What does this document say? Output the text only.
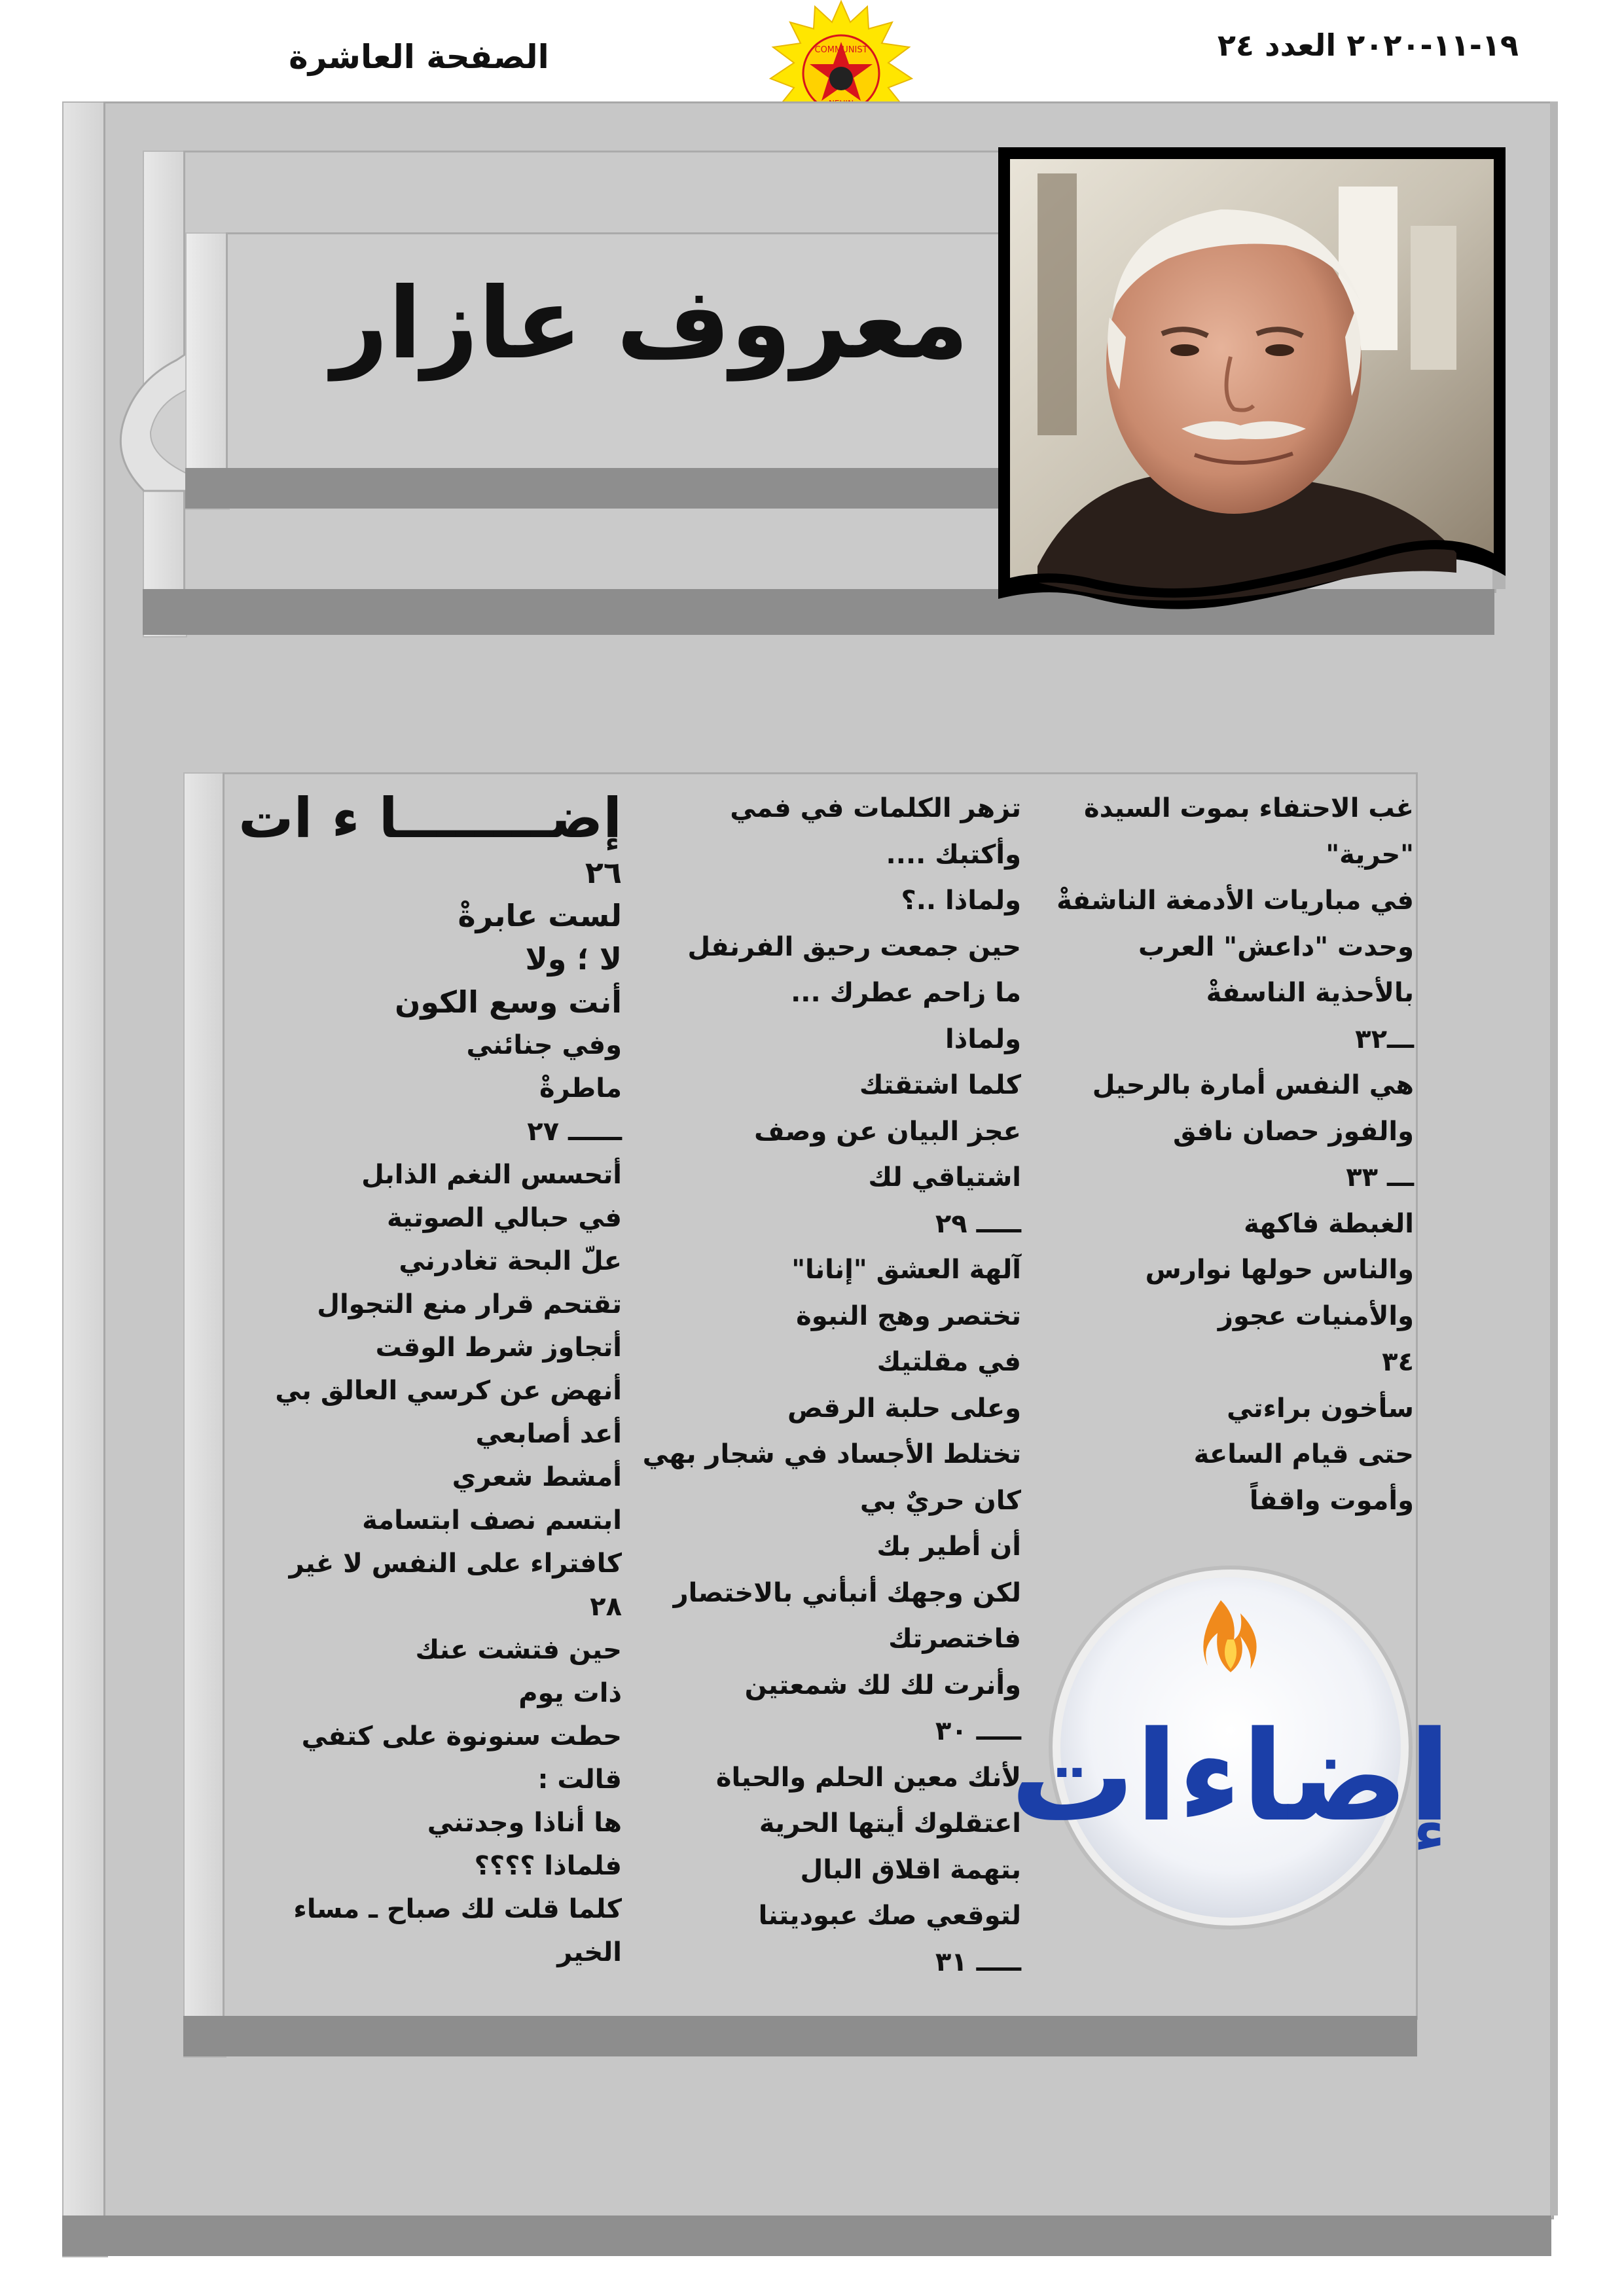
١٩-١١-٢٠٢٠ العدد ٢٤
الصفحة العاشرة	COMMUNIST
معروف عازار
غب الاحتفاء بموت السيدة
"حرية"
في مباريات الأدمغة الناشفةْ
وحدت "داعش" العرب
بالأحذية الناسفةْ
ـــ٣٢
هي النفس أمارة بالرحيل
والفوز حصان نافق
ـــ ٣٣
الغبطة فاكهة
والناس حولها نوارس
والأمنيات عجوز
٣٤
سأخون براءتي
حتى قيام الساعة
وأموت واقفاً
تزهر الكلمات في فمي
وأكتبك ....
ولماذا ..؟
حين جمعت رحيق الفرنفل
ما زاحم عطرك ...
ولماذا
كلما اشتقتك
عجز البيان عن وصف
اشتياقي لك
ـــــ ٢٩
آلهة العشق "إنانا"
تختصر وهج النبوة
في مقلتيك
وعلى حلبة الرقص
تختلط الأجساد في شجار بهي
كان حريٌ بي
أن أطير بك
لكن وجهك أنبأني بالاختصار
فاختصرتك
وأنرت لك لك شمعتين
ـــــ ٣٠
لأنك معين الحلم والحياة
اعتقلوك أيتها الحرية
بتهمة اقلاق البال
لتوقعي صك عبوديتنا
ـــــ ٣١
إضــــــــا ء ات
٢٦
لست عابرةْ
لا ؛ ولا
أنت وسع الكون
وفي جنائني
ماطرةْ
ــــــ ٢٧
أتحسس النغم الذابل
في حبالي الصوتية
علّ البحة تغادرني
تقتحم قرار منع التجوال
أتجاوز شرط الوقت
أنهض عن كرسي العالق بي
أعد أصابعي
أمشط شعري
ابتسم نصف ابتسامة
كافتراء على النفس لا غير
٢٨
حين فتشت عنك
ذات يوم
حطت سنونوة على كتفي
قالت :
ها أناذا وجدتني
فلماذا ؟؟؟؟
كلما قلت لك صباح ـ مساء
الخير
إضاءات
